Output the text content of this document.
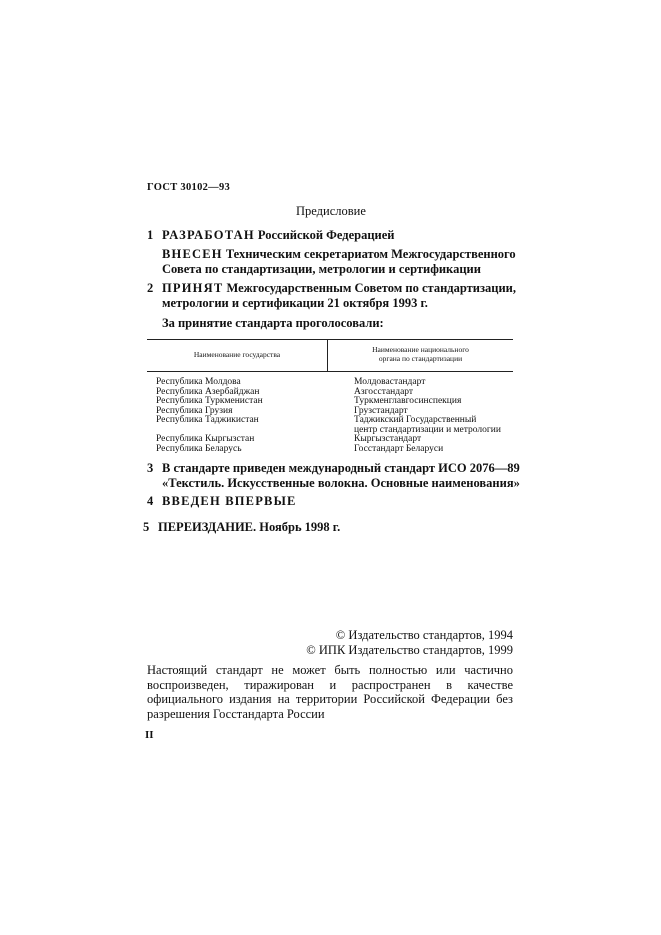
ГОСТ 30102—93
Предисловие
1 РАЗРАБОТАН Российской Федерацией
ВНЕСЕН Техническим секретариатом Межгосударственного
Совета по стандартизации, метрологии и сертификации
2 ПРИНЯТ Межгосударственным Советом по стандартизации,
метрологии и сертификации 21 октября 1993 г.
За принятие стандарта проголосовали:
Наименование государства
Наименование национального
органа по стандартизации
Республика Молдова
Республика Азербайджан
Республика Туркменистан
Республика Грузия
Республика Таджикистан
Республика Кыргызстан
Республика Беларусь
Молдовастандарт
Азгосстандарт
Туркменглавгосинспекция
Грузстандарт
Таджикский Государственный
центр стандартизации и метрологии
Кыргызстандарт
Госстандарт Беларуси
3 В стандарте приведен международный стандарт ИСО 2076—89
«Текстиль. Искусственные волокна. Основные наименования»
4 ВВЕДЕН ВПЕРВЫЕ
5 ПЕРЕИЗДАНИЕ. Ноябрь 1998 г.
© Издательство стандартов, 1994
© ИПК Издательство стандартов, 1999
Настоящий стандарт не может быть полностью или частично воспроизведен, тиражирован и распространен в качестве официального издания на территории Российской Федерации без разрешения Госстандарта России
II
